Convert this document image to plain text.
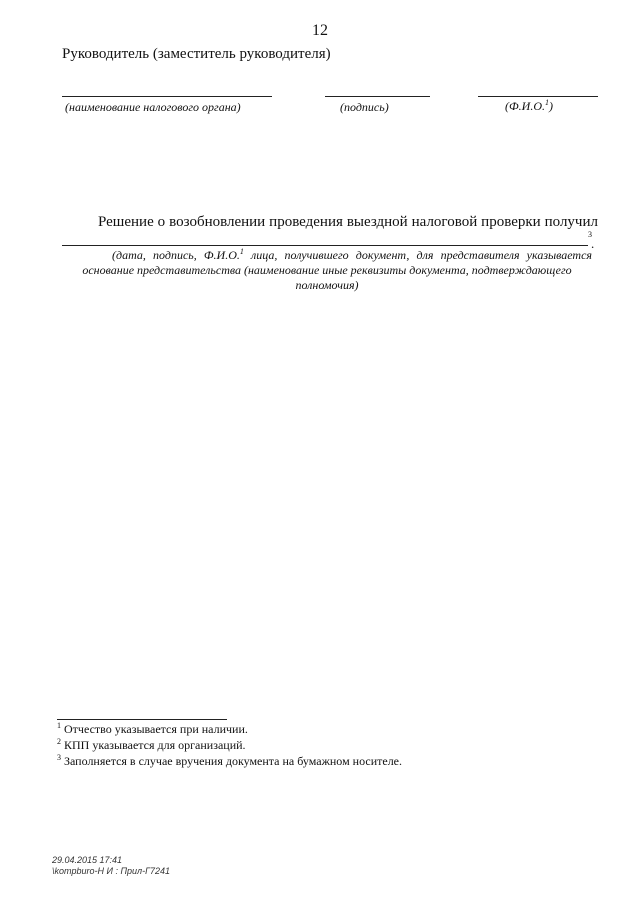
12
Руководитель (заместитель руководителя)
(наименование налогового органа)	(подпись)	(Ф.И.О.$^1$)
Решение о возобновлении проведения выездной налоговой проверки получил
3
.
(дата, подпись, Ф.И.О.$^1$ лица, получившего документ, для представителя указывается
основание представительства (наименование иные реквизиты документа, подтверждающего
полномочия)
$^1$ Отчество указывается при наличии.
$^2$ КПП указывается для организаций.
$^3$ Заполняется в случае вручения документа на бумажном носителе.
29.04.2015 17:41
\kompburo-Н И : Прил-Г7241
